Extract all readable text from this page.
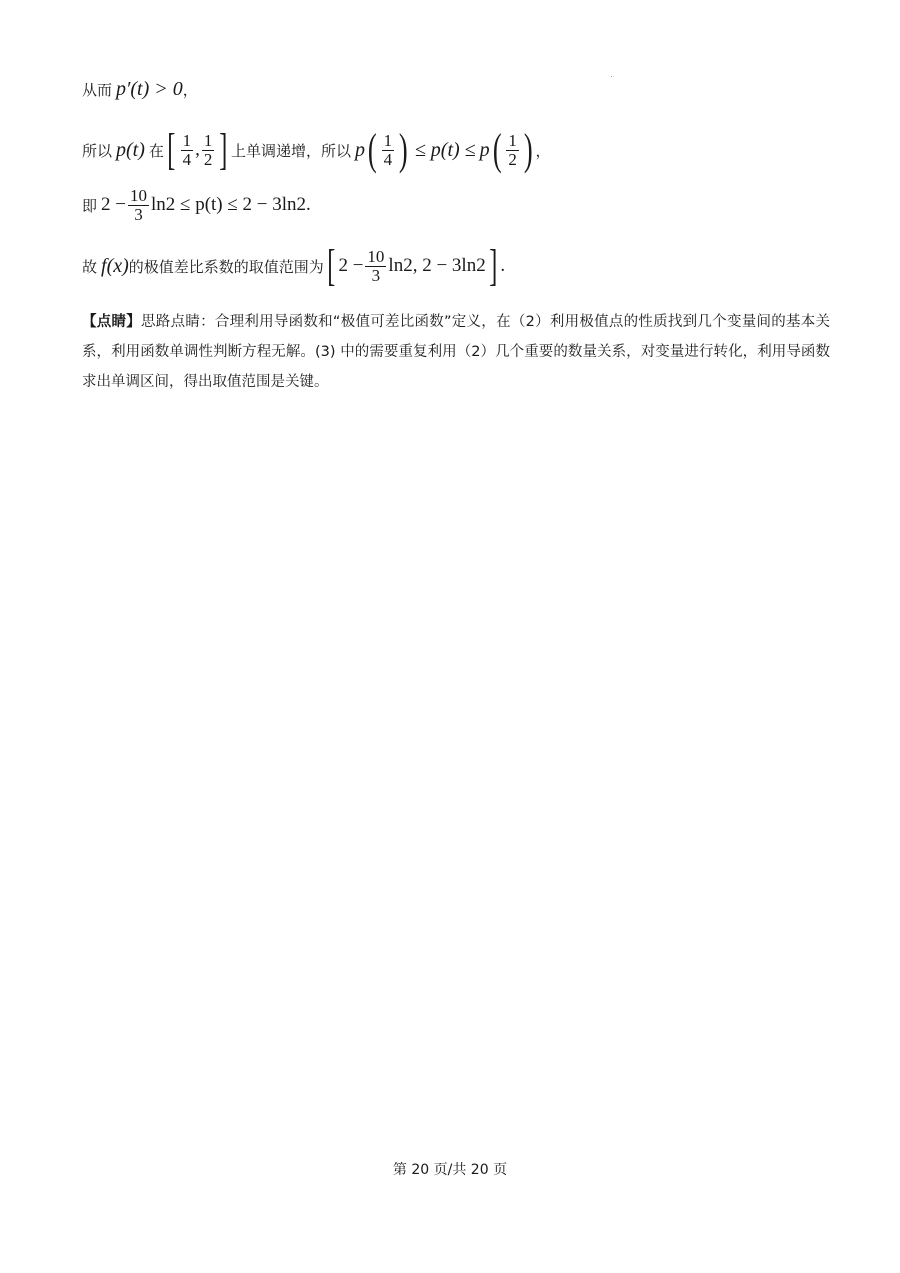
从而 p′(t) > 0 ，
所以 p(t) 在 [ $\frac{1}{4}$ , $\frac{1}{2}$ ] 上单调递增，所以 p ( $\frac{1}{4}$ ) ≤ p(t) ≤ p ( $\frac{1}{2}$ ) ，
即 $2 - \frac{10}{3} \ln 2 \le p(t) \le 2 - 3\ln 2$ .
故 f(x) 的极值差比系数的取值范围为 [ $2 - \frac{10}{3} \ln 2$, 2 − 3ln2 ] .
【点睛】思路点睛：合理利用导函数和“极值可差比函数”定义，在（2）利用极值点的性质找到几个变量间的基本关系，利用函数单调性判断方程无解。(3) 中的需要重复利用（2）几个重要的数量关系，对变量进行转化，利用导函数求出单调区间，得出取值范围是关键。
第 20 页/共 20 页
